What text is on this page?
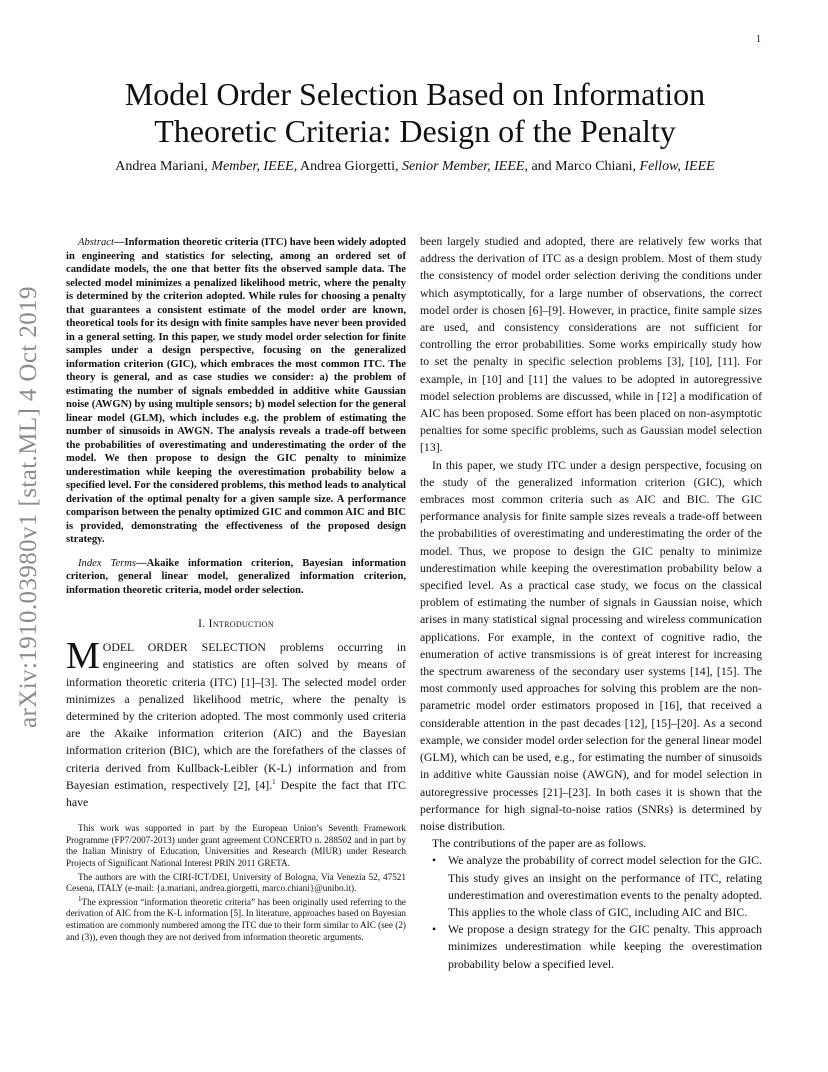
1
arXiv:1910.03980v1 [stat.ML] 4 Oct 2019
Model Order Selection Based on Information Theoretic Criteria: Design of the Penalty
Andrea Mariani, Member, IEEE, Andrea Giorgetti, Senior Member, IEEE, and Marco Chiani, Fellow, IEEE

Abstract—Information theoretic criteria (ITC) have been widely adopted in engineering and statistics for selecting, among an ordered set of candidate models, the one that better fits the observed sample data. The selected model minimizes a penalized likelihood metric, where the penalty is determined by the criterion adopted. While rules for choosing a penalty that guarantees a consistent estimate of the model order are known, theoretical tools for its design with finite samples have never been provided in a general setting. In this paper, we study model order selection for finite samples under a design perspective, focusing on the generalized information criterion (GIC), which embraces the most common ITC. The theory is general, and as case studies we consider: a) the problem of estimating the number of signals embedded in additive white Gaussian noise (AWGN) by using multiple sensors; b) model selection for the general linear model (GLM), which includes e.g. the problem of estimating the number of sinusoids in AWGN. The analysis reveals a trade-off between the probabilities of overestimating and underestimating the order of the model. We then propose to design the GIC penalty to minimize underestimation while keeping the overestimation probability below a specified level. For the considered problems, this method leads to analytical derivation of the optimal penalty for a given sample size. A performance comparison between the penalty optimized GIC and common AIC and BIC is provided, demonstrating the effectiveness of the proposed design strategy.

Index Terms—Akaike information criterion, Bayesian information criterion, general linear model, generalized information criterion, information theoretic criteria, model order selection.

I. Introduction

MODEL ORDER SELECTION problems occurring in engineering and statistics are often solved by means of information theoretic criteria (ITC) [1]–[3]. The selected model order minimizes a penalized likelihood metric, where the penalty is determined by the criterion adopted. The most commonly used criteria are the Akaike information criterion (AIC) and the Bayesian information criterion (BIC), which are the forefathers of the classes of criteria derived from Kullback-Leibler (K-L) information and from Bayesian estimation, respectively [2], [4].$^1$ Despite the fact that ITC have

This work was supported in part by the European Union’s Seventh Framework Programme (FP7/2007-2013) under grant agreement CONCERTO n. 288502 and in part by the Italian Ministry of Education, Universities and Research (MIUR) under Research Projects of Significant National Interest PRIN 2011 GRETA.

The authors are with the CIRI-ICT/DEI, University of Bologna, Via Venezia 52, 47521 Cesena, ITALY (e-mail: {a.mariani, andrea.giorgetti, marco.chiani}@unibo.it).

$^1$The expression “information theoretic criteria” has been originally used referring to the derivation of AIC from the K-L information [5]. In literature, approaches based on Bayesian estimation are commonly numbered among the ITC due to their form similar to AIC (see (2) and (3)), even though they are not derived from information theoretic arguments.

been largely studied and adopted, there are relatively few works that address the derivation of ITC as a design problem. Most of them study the consistency of model order selection deriving the conditions under which asymptotically, for a large number of observations, the correct model order is chosen [6]–[9]. However, in practice, finite sample sizes are used, and consistency considerations are not sufficient for controlling the error probabilities. Some works empirically study how to set the penalty in specific selection problems [3], [10], [11]. For example, in [10] and [11] the values to be adopted in autoregressive model selection problems are discussed, while in [12] a modification of AIC has been proposed. Some effort has been placed on non-asymptotic penalties for some specific problems, such as Gaussian model selection [13].

In this paper, we study ITC under a design perspective, focusing on the study of the generalized information criterion (GIC), which embraces most common criteria such as AIC and BIC. The GIC performance analysis for finite sample sizes reveals a trade-off between the probabilities of overestimating and underestimating the order of the model. Thus, we propose to design the GIC penalty to minimize underestimation while keeping the overestimation probability below a specified level. As a practical case study, we focus on the classical problem of estimating the number of signals in Gaussian noise, which arises in many statistical signal processing and wireless communication applications. For example, in the context of cognitive radio, the enumeration of active transmissions is of great interest for increasing the spectrum awareness of the secondary user systems [14], [15]. The most commonly used approaches for solving this problem are the non-parametric model order estimators proposed in [16], that received a considerable attention in the past decades [12], [15]–[20]. As a second example, we consider model order selection for the general linear model (GLM), which can be used, e.g., for estimating the number of sinusoids in additive white Gaussian noise (AWGN), and for model selection in autoregressive processes [21]–[23]. In both cases it is shown that the performance for high signal-to-noise ratios (SNRs) is determined by noise distribution.

The contributions of the paper are as follows.

• We analyze the probability of correct model selection for the GIC. This study gives an insight on the performance of ITC, relating underestimation and overestimation events to the penalty adopted. This applies to the whole class of GIC, including AIC and BIC.
• We propose a design strategy for the GIC penalty. This approach minimizes underestimation while keeping the overestimation probability below a specified level.
